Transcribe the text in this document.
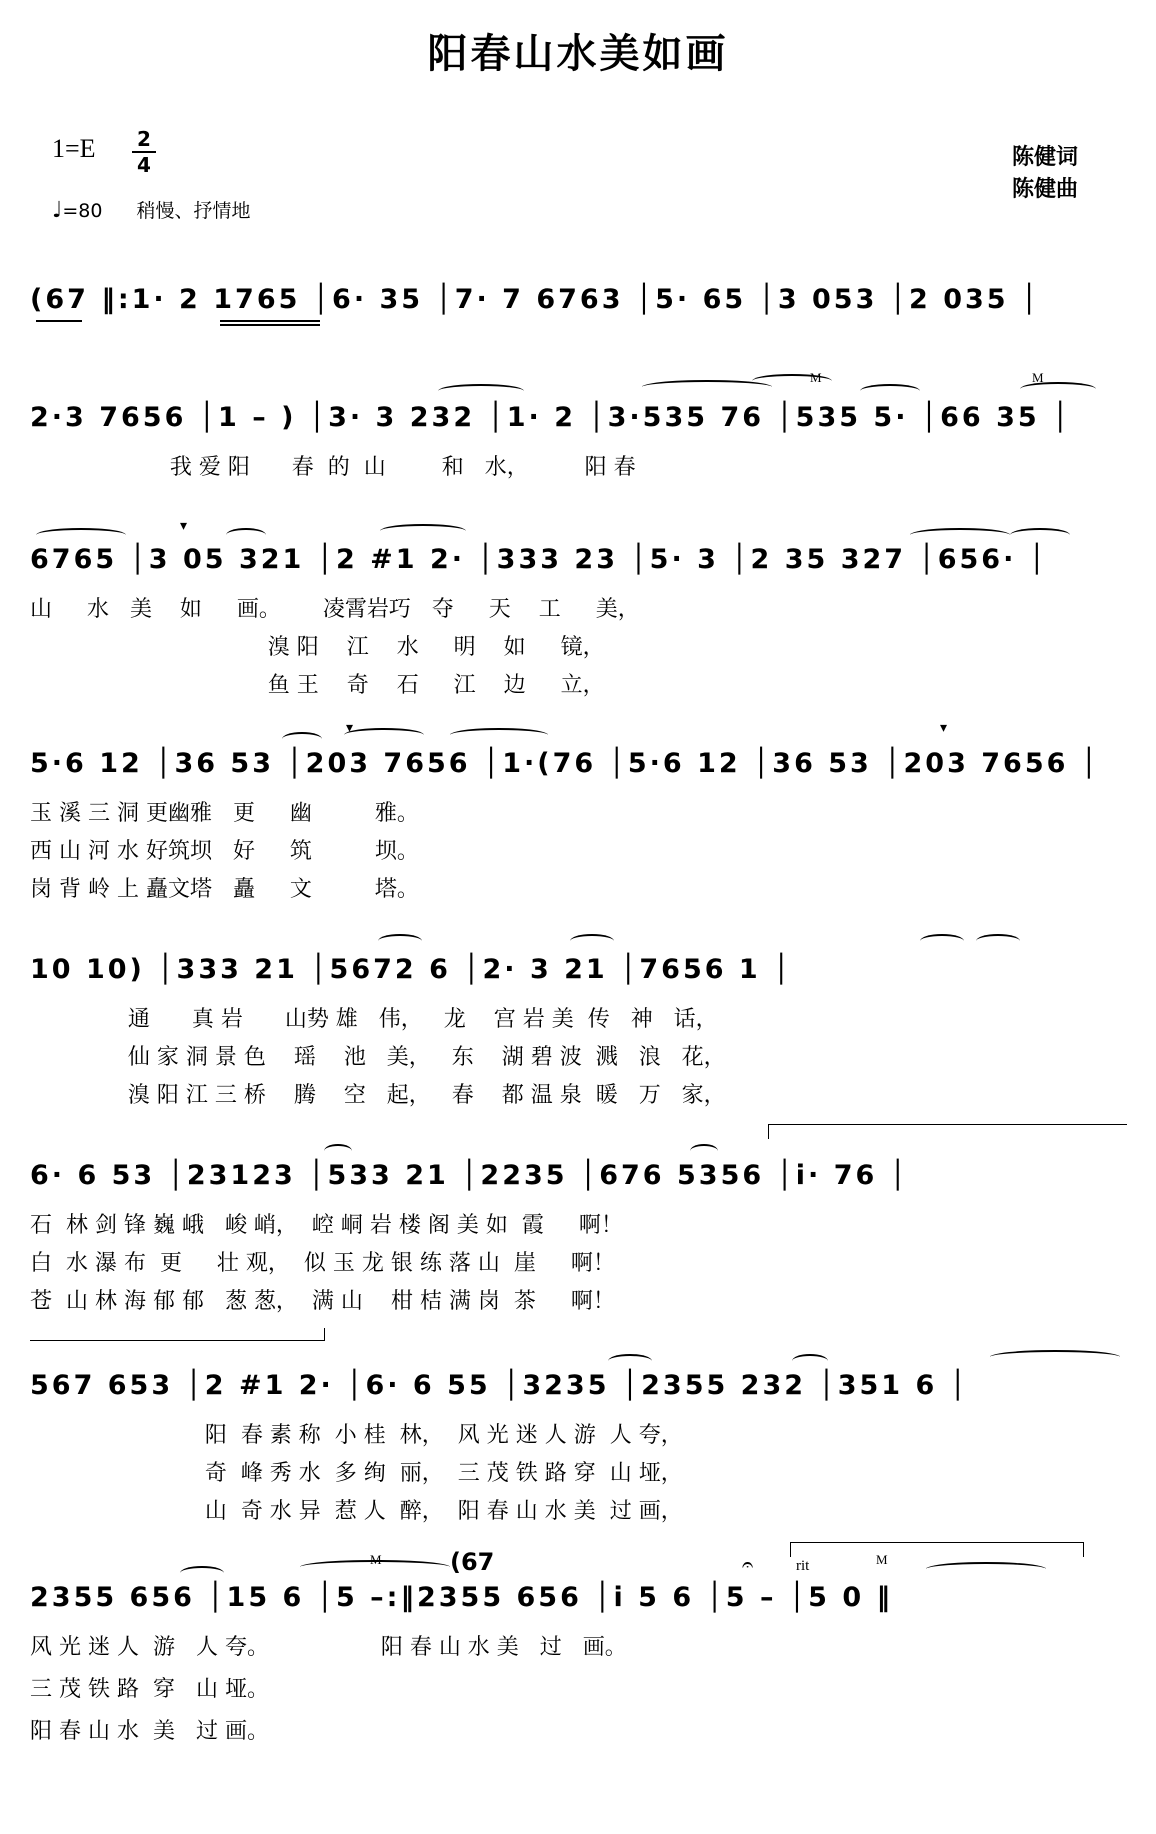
阳春山水美如画
1=E 2
4
♩=80 稍慢、抒情地
陈健词
陈健曲
(67 ‖:1· 2 1765 │6· 35 │7· 7 6763 │5· 65 │3 053 │2 035 │
2·3 7656 │1 – ) │3· 3 232 │1· 2 │3·535 76 │535 5· │66 35 │
M	M
我 爱 阳      春  的  山        和   水，        阳 春
6765 │3 05 321 │2 #1 2· │333 23 │5· 3 │2 35 327 │656· │
▾
山     水   美    如     画。      凌霄岩巧   夺     天    工     美，
溴 阳    江    水     明    如     镜，
鱼 王    奇    石     江    边     立，
5·6 12 │36 53 │203 7656 │1·(76 │5·6 12 │36 53 │203 7656 │
▾	▾
玉 溪 三 洞 更幽雅   更     幽         雅。
西 山 河 水 好筑坝   好     筑         坝。
岗 背 岭 上 矗文塔   矗     文         塔。
10 10) │333 21 │5672 6 │2· 3 21 │7656 1 │
通      真 岩      山势 雄   伟，   龙    宫 岩 美  传   神   话，
仙 家 洞 景 色    瑶    池   美，   东    湖 碧 波  溅   浪   花，
溴 阳 江 三 桥    腾    空   起，   春    都 温 泉  暖   万   家，
6· 6 53 │23123 │533 21 │2235 │676 5356 │i· 76 │
石  林 剑 锋 巍 峨   峻 峭，  崆 峒 岩 楼 阁 美 如  霞     啊！
白  水 瀑 布  更     壮 观，  似 玉 龙 银 练 落 山  崖     啊！
苍  山 林 海 郁 郁   葱 葱，  满 山    柑 桔 满 岗  茶     啊！
567 653 │2 #1 2· │6· 6 55 │3235 │2355 232 │351 6 │
阳  春 素 称  小 桂  林，  风 光 迷 人 游  人 夸，
奇  峰 秀 水  多 绚  丽，  三 茂 铁 路 穿  山 垭，
山  奇 水 异  惹 人  醉，  阳 春 山 水 美  过 画，
rit
(67
2355 656 │15 6 │5 –:‖2355 656 │i 5 6 │5 – │5 0 ‖
M	M
𝄐
风 光 迷 人  游   人 夸。                阳 春 山 水 美   过   画。
三 茂 铁 路  穿   山 垭。
阳 春 山 水  美   过 画。
